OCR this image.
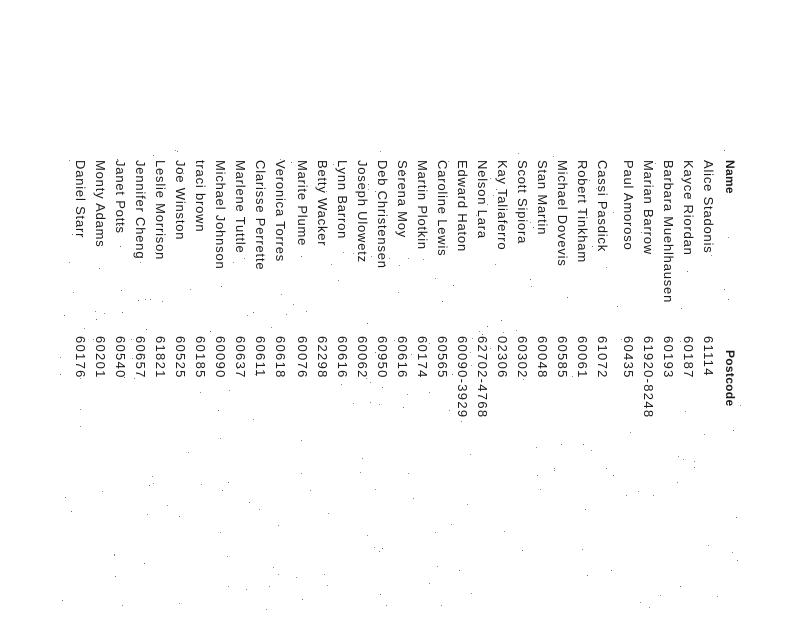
Name
Postcode
Alice Stadonis
61114
Kayce Riordan
60187
Barbara Muehlhausen
60193
Marian Barrow
61920-8248
Paul Amoroso
60435
Cassi Pasdick
61072
Robert Tinkham
60061
Michael Dovevis
60585
Stan Martin
60048
Scott Sipiora
60302
Kay Taliaferro
02306
Nelson Lara
62702-4768
Edward Haton
60090-3929
Caroline Lewis
60565
Martin Plotkin
60174
Serena Moy
60616
Deb Christensen
60950
Joseph Ulowetz
60062
Lynn Barron
60616
Betty Wacker
62298
Marite Plume
60076
Veronica Torres
60618
Clarisse Perrette
60611
Marlene Tuttle
60637
Michael Johnson
60090
traci brown
60185
Joe Winston
60525
Leslie Morrison
61821
Jennifer Cheng
60657
Janet Potts
60540
Monty Adams
60201
Daniel Starr
60176
